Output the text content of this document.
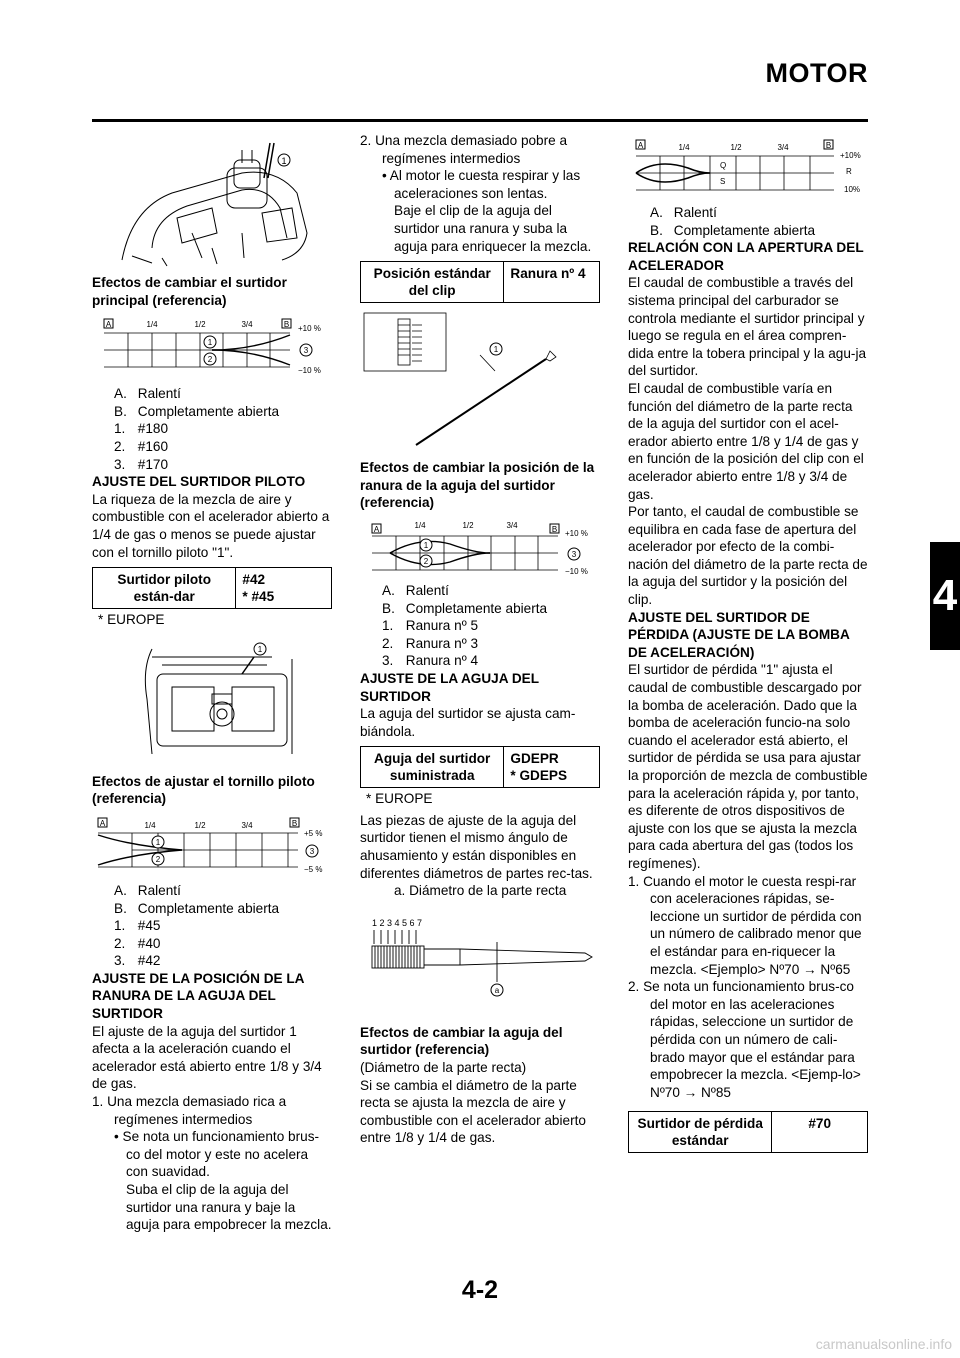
MOTOR
4
4-2
carmanualsonline.info
1

Efectos de cambiar el surtidor principal (referencia)

A	1/4	1/2	3/4	B +10 %
−10 %
1
2
3

A. Ralentí

B. Completamente abierta

1. #180

2. #160

3. #170

AJUSTE DEL SURTIDOR PILOTO

La riqueza de la mezcla de aire y combustible con el acelerador abierto a 1/4 de gas o menos se puede ajustar con el tornillo piloto "1".

Surtidor piloto están-dar	#42
* #45

* EUROPE

1

Efectos de ajustar el tornillo piloto (referencia)

A	1/4	1/2	3/4	B
+5 %
−5 %
1
2
3

A. Ralentí

B. Completamente abierta

1. #45

2. #40

3. #42

AJUSTE DE LA POSICIÓN DE LA RANURA DE LA AGUJA DEL SURTIDOR

El ajuste de la aguja del surtidor 1 afecta a la aceleración cuando el acelerador está abierto entre 1/8 y 3/4 de gas.

1. Una mezcla demasiado rica a regímenes intermedios

• Se nota un funcionamiento brus-co del motor y este no acelera con suavidad.

Suba el clip de la aguja del surtidor una ranura y baje la aguja para empobrecer la mezcla.

2. Una mezcla demasiado pobre a regímenes intermedios

• Al motor le cuesta respirar y las aceleraciones son lentas.

Baje el clip de la aguja del surtidor una ranura y suba la aguja para enriquecer la mezcla.

Posición estándar del clip	Ranura nº 4
1

Efectos de cambiar la posición de la ranura de la aguja del surtidor (referencia)

A	1/4	1/2	3/4	B +10 %
−10 %
1
2
3

A. Ralentí

B. Completamente abierta

1. Ranura nº 5

2. Ranura nº 3

3. Ranura nº 4

AJUSTE DE LA AGUJA DEL SURTIDOR

La aguja del surtidor se ajusta cam-biándola.

Aguja del surtidor suministrada	GDEPR
* GDEPS

* EUROPE

Las piezas de ajuste de la aguja del surtidor tienen el mismo ángulo de ahusamiento y están disponibles en diferentes diámetros de partes rec-tas.

a. Diámetro de la parte recta

1 2 3 4 5 6 7
a

Efectos de cambiar la aguja del surtidor (referencia)

(Diámetro de la parte recta)

Si se cambia el diámetro de la parte recta se ajusta la mezcla de aire y combustible con el acelerador abierto entre 1/8 y 1/4 de gas.

A	1/4	1/2	3/4	B
+10%
R
10%
Q
S

A. Ralentí

B. Completamente abierta

RELACIÓN CON LA APERTURA DEL ACELERADOR

El caudal de combustible a través del sistema principal del carburador se controla mediante el surtidor principal y luego se regula en el área compren-dida entre la tobera principal y la agu-ja del surtidor.

El caudal de combustible varía en función del diámetro de la parte recta de la aguja del surtidor con el acel-erador abierto entre 1/8 y 1/4 de gas y en función de la posición del clip con el acelerador abierto entre 1/8 y 3/4 de gas.

Por tanto, el caudal de combustible se equilibra en cada fase de apertura del acelerador por efecto de la combi-nación del diámetro de la parte recta de la aguja del surtidor y la posición del clip.

AJUSTE DEL SURTIDOR DE PÉRDIDA (AJUSTE DE LA BOMBA DE ACELERACIÓN)

El surtidor de pérdida "1" ajusta el caudal de combustible descargado por la bomba de aceleración. Dado que la bomba de aceleración funcio-na solo cuando el acelerador está abierto, el surtidor de pérdida se usa para ajustar la proporción de mezcla de combustible para la aceleración rápida y, por tanto, es diferente de otros dispositivos de ajuste con los que se ajusta la mezcla para cada abertura del gas (todos los regímenes).

1. Cuando el motor le cuesta respi-rar con aceleraciones rápidas, se-leccione un surtidor de pérdida con un número de calibrado menor que el estándar para en-riquecer la mezcla. <Ejemplo> Nº70 → Nº65

2. Se nota un funcionamiento brus-co del motor en las aceleraciones rápidas, seleccione un surtidor de pérdida con un número de cali-brado mayor que el estándar para empobrecer la mezcla. <Ejemp-lo> Nº70 → Nº85

Surtidor de pérdida estándar	#70
